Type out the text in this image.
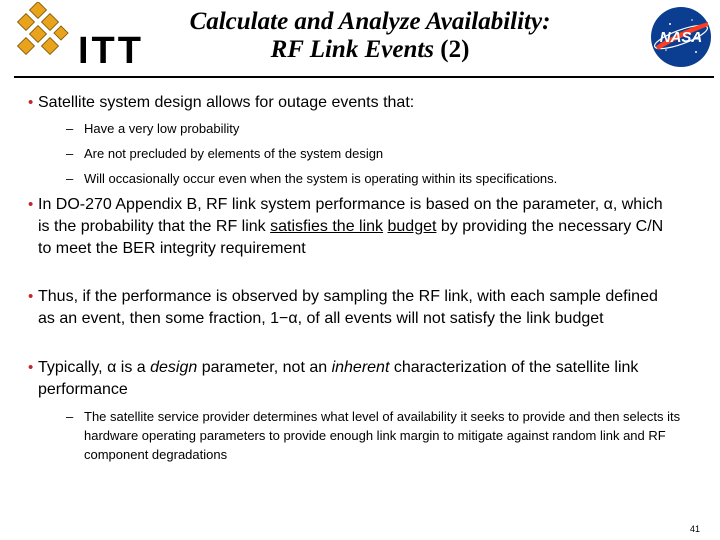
ITT
Calculate and Analyze Availability:
RF Link Events (2)	NASA
• Satellite system design allows for outage events that:
– Have a very low probability
– Are not precluded by elements of the system design
– Will occasionally occur even when the system is operating within its specifications.
• In DO-270 Appendix B, RF link system performance is based on the parameter, α, which is the probability that the RF link satisfies the link budget by providing the necessary C/N to meet the BER integrity requirement
• Thus, if the performance is observed by sampling the RF link, with each sample defined as an event, then some fraction, 1−α, of all events will not satisfy the link budget
• Typically, α is a design parameter, not an inherent characterization of the satellite link performance
– The satellite service provider determines what level of availability it seeks to provide and then selects its hardware operating parameters to provide enough link margin to mitigate against random link and RF component degradations
41
